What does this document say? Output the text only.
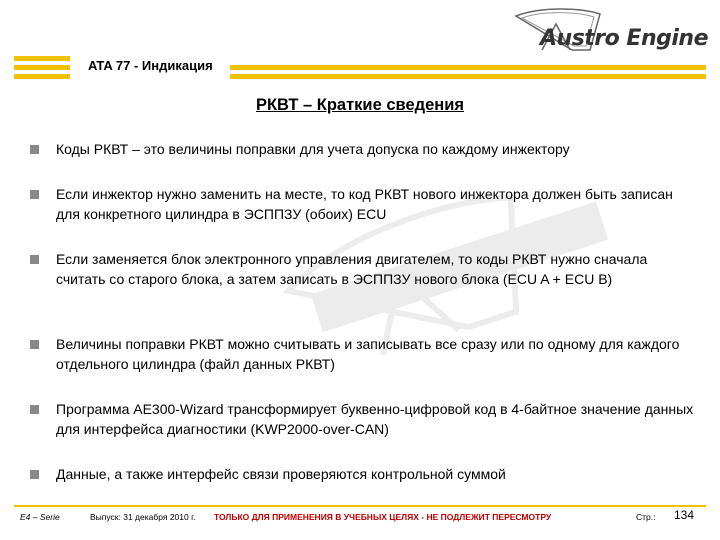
ATA 77 - Индикация
Austro Engine
РКВТ – Краткие сведения
Коды РКВТ – это величины поправки для учета допуска по каждому инжектору
Если инжектор нужно заменить на месте, то код РКВТ нового инжектора должен быть записан для конкретного цилиндра в ЭСППЗУ (обоих) ECU
Если заменяется блок электронного управления двигателем, то коды РКВТ нужно сначала считать со старого блока, а затем записать в ЭСППЗУ нового блока (ECU A + ECU B)
Величины поправки РКВТ можно считывать и записывать все сразу или по одному для каждого отдельного цилиндра (файл данных РКВТ)
Программа AE300-Wizard трансформирует буквенно-цифровой код в 4-байтное значение данных для интерфейса диагностики (KWP2000-over-CAN)
Данные, а также интерфейс связи проверяются контрольной суммой
E4 – Serie	Выпуск: 31 декабря 2010 г. ТОЛЬКО ДЛЯ ПРИМЕНЕНИЯ В УЧЕБНЫХ ЦЕЛЯХ - НЕ ПОДЛЕЖИТ ПЕРЕСМОТРУ	Стр.: 134
